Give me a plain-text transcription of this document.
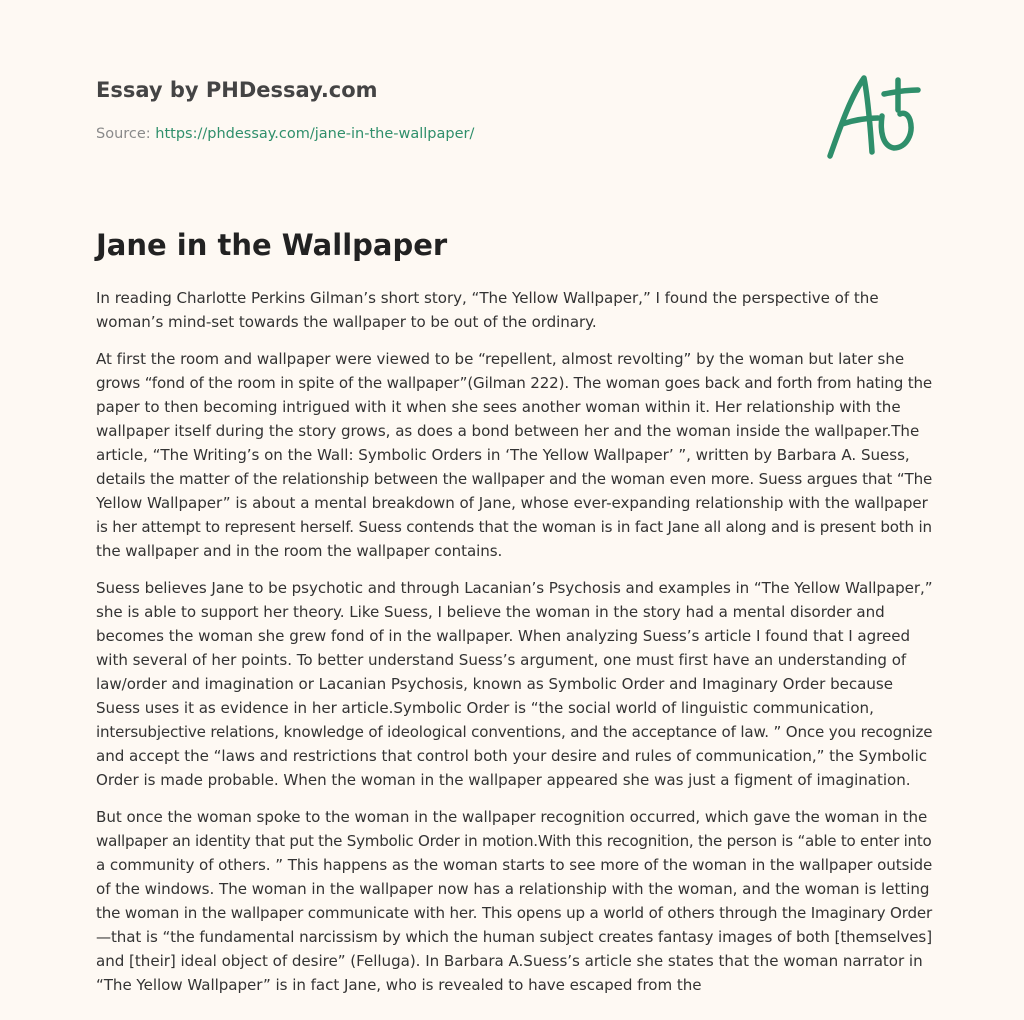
Essay by PHDessay.com
Source: https://phdessay.com/jane-in-the-wallpaper/
Jane in the Wallpaper

In reading Charlotte Perkins Gilman’s short story, “The Yellow Wallpaper,” I found the perspective of the
woman’s mind-set towards the wallpaper to be out of the ordinary.

At first the room and wallpaper were viewed to be “repellent, almost revolting” by the woman but later she
grows “fond of the room in spite of the wallpaper”(Gilman 222). The woman goes back and forth from hating the
paper to then becoming intrigued with it when she sees another woman within it. Her relationship with the
wallpaper itself during the story grows, as does a bond between her and the woman inside the wallpaper.The
article, “The Writing’s on the Wall: Symbolic Orders in ‘The Yellow Wallpaper’ ”, written by Barbara A. Suess,
details the matter of the relationship between the wallpaper and the woman even more. Suess argues that “The
Yellow Wallpaper” is about a mental breakdown of Jane, whose ever-expanding relationship with the wallpaper
is her attempt to represent herself. Suess contends that the woman is in fact Jane all along and is present both in
the wallpaper and in the room the wallpaper contains.

Suess believes Jane to be psychotic and through Lacanian’s Psychosis and examples in “The Yellow Wallpaper,”
she is able to support her theory. Like Suess, I believe the woman in the story had a mental disorder and
becomes the woman she grew fond of in the wallpaper. When analyzing Suess’s article I found that I agreed
with several of her points. To better understand Suess’s argument, one must first have an understanding of
law/order and imagination or Lacanian Psychosis, known as Symbolic Order and Imaginary Order because
Suess uses it as evidence in her article.Symbolic Order is “the social world of linguistic communication,
intersubjective relations, knowledge of ideological conventions, and the acceptance of law. ” Once you recognize
and accept the “laws and restrictions that control both your desire and rules of communication,” the Symbolic
Order is made probable. When the woman in the wallpaper appeared she was just a figment of imagination.

But once the woman spoke to the woman in the wallpaper recognition occurred, which gave the woman in the
wallpaper an identity that put the Symbolic Order in motion.With this recognition, the person is “able to enter into
a community of others. ” This happens as the woman starts to see more of the woman in the wallpaper outside
of the windows. The woman in the wallpaper now has a relationship with the woman, and the woman is letting
the woman in the wallpaper communicate with her. This opens up a world of others through the Imaginary Order
—that is “the fundamental narcissism by which the human subject creates fantasy images of both [themselves]
and [their] ideal object of desire” (Felluga). In Barbara A.Suess’s article she states that the woman narrator in
“The Yellow Wallpaper” is in fact Jane, who is revealed to have escaped from the
